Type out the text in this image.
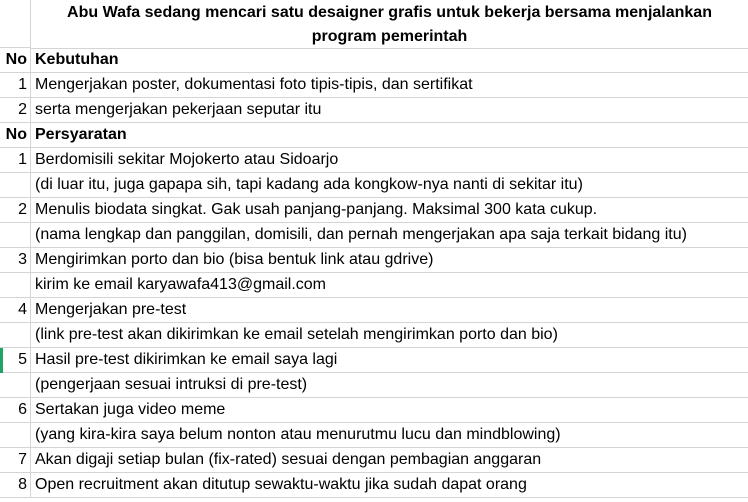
Abu Wafa sedang mencari satu desaigner grafis untuk bekerja bersama menjalankan
program pemerintah
No Kebutuhan
1 Mengerjakan poster, dokumentasi foto tipis-tipis, dan sertifikat
2 serta mengerjakan pekerjaan seputar itu
No Persyaratan
1 Berdomisili sekitar Mojokerto atau Sidoarjo
(di luar itu, juga gapapa sih, tapi kadang ada kongkow-nya nanti di sekitar itu)
2 Menulis biodata singkat. Gak usah panjang-panjang. Maksimal 300 kata cukup.
(nama lengkap dan panggilan, domisili, dan pernah mengerjakan apa saja terkait bidang itu)
3 Mengirimkan porto dan bio (bisa bentuk link atau gdrive)
kirim ke email karyawafa413@gmail.com
4 Mengerjakan pre-test
(link pre-test akan dikirimkan ke email setelah mengirimkan porto dan bio)
5 Hasil pre-test dikirimkan ke email saya lagi
(pengerjaan sesuai intruksi di pre-test)
6 Sertakan juga video meme
(yang kira-kira saya belum nonton atau menurutmu lucu dan mindblowing)
7 Akan digaji setiap bulan (fix-rated) sesuai dengan pembagian anggaran
8 Open recruitment akan ditutup sewaktu-waktu jika sudah dapat orang
